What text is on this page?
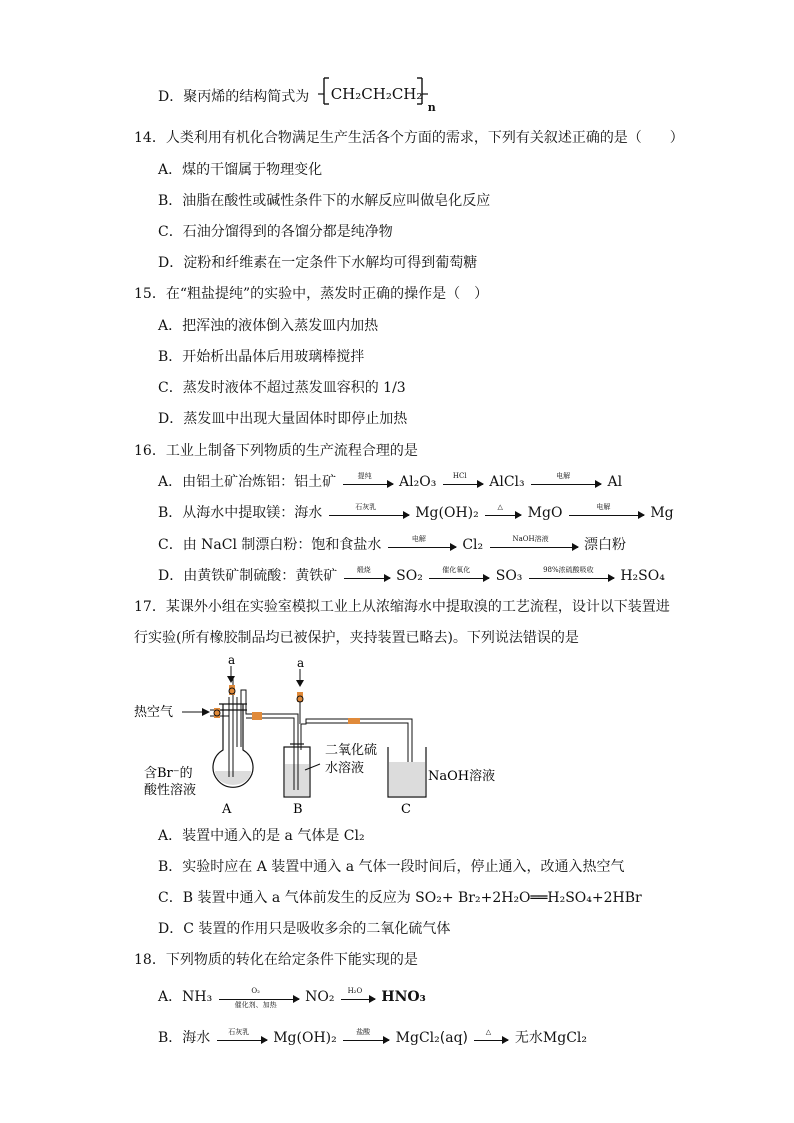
D．聚丙烯的结构简式为 CH₂CH₂CH₂
n
14．人类利用有机化合物满足生产生活各个方面的需求，下列有关叙述正确的是（　　）
A．煤的干馏属于物理变化
B．油脂在酸性或碱性条件下的水解反应叫做皂化反应
C．石油分馏得到的各馏分都是纯净物
D．淀粉和纤维素在一定条件下水解均可得到葡萄糖
15．在“粗盐提纯”的实验中，蒸发时正确的操作是（　）
A．把浑浊的液体倒入蒸发皿内加热
B．开始析出晶体后用玻璃棒搅拌
C．蒸发时液体不超过蒸发皿容积的 1/3
D．蒸发皿中出现大量固体时即停止加热
16．工业上制备下列物质的生产流程合理的是
A．由铝土矿冶炼铝：铝土矿	提纯	Al₂O₃	HCl	AlCl₃	电解	Al
B．从海水中提取镁：海水	石灰乳	Mg(OH)₂	△	MgO	电解	Mg
C．由 NaCl 制漂白粉：饱和食盐水	电解	Cl₂	NaOH溶液	漂白粉
D．由黄铁矿制硫酸：黄铁矿	煅烧	SO₂	催化氧化	SO₃	98%浓硫酸吸收	H₂SO₄
17．某课外小组在实验室模拟工业上从浓缩海水中提取溴的工艺流程，设计以下装置进
行实验(所有橡胶制品均已被保护，夹持装置已略去)。下列说法错误的是
a	a
热空气
含Br⁻的
酸性溶液
二氧化硫
水溶液
NaOH溶液
A	B	C
A．装置中通入的是 a 气体是 Cl₂
B．实验时应在 A 装置中通入 a 气体一段时间后，停止通入，改通入热空气
C．B 装置中通入 a 气体前发生的反应为 SO₂+ Br₂+2H₂O══H₂SO₄+2HBr
D．C 装置的作用只是吸收多余的二氧化硫气体
18．下列物质的转化在给定条件下能实现的是
A．NH₃	O₂
催化剂、加热	NO₂	H₂O	HNO₃
B．海水	石灰乳	Mg(OH)₂	盐酸	MgCl₂(aq)	△	无水MgCl₂
